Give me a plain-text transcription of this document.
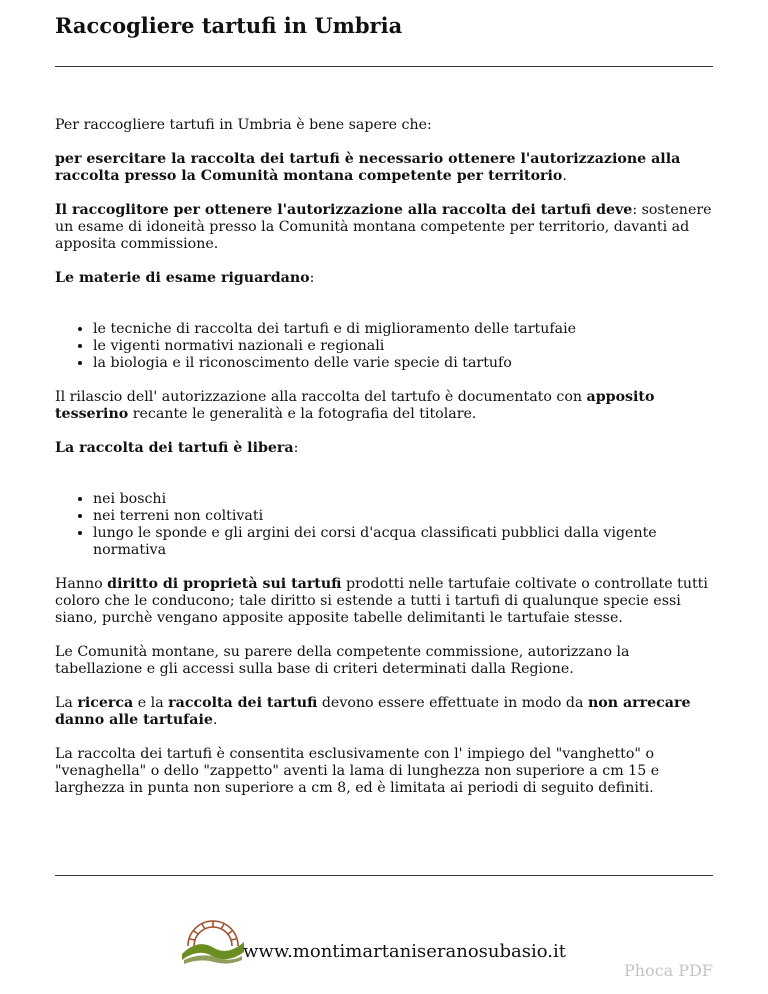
Raccogliere tartufi in Umbria

Per raccogliere tartufi in Umbria è bene sapere che:

per esercitare la raccolta dei tartufi è necessario ottenere l'autorizzazione alla raccolta presso la Comunità montana competente per territorio.

Il raccoglitore per ottenere l'autorizzazione alla raccolta dei tartufi deve: sostenere un esame di idoneità presso la Comunità montana competente per territorio, davanti ad apposita commissione.

Le materie di esame riguardano:

• le tecniche di raccolta dei tartufi e di miglioramento delle tartufaie
• le vigenti normativi nazionali e regionali
• la biologia e il riconoscimento delle varie specie di tartufo

Il rilascio dell' autorizzazione alla raccolta del tartufo è documentato con apposito tesserino recante le generalità e la fotografia del titolare.

La raccolta dei tartufi è libera:

• nei boschi
• nei terreni non coltivati
• lungo le sponde e gli argini dei corsi d'acqua classificati pubblici dalla vigente normativa

Hanno diritto di proprietà sui tartufi prodotti nelle tartufaie coltivate o controllate tutti coloro che le conducono; tale diritto si estende a tutti i tartufi di qualunque specie essi siano, purchè vengano apposite apposite tabelle delimitanti le tartufaie stesse.

Le Comunità montane, su parere della competente commissione, autorizzano la tabellazione e gli accessi sulla base di criteri determinati dalla Regione.

La ricerca e la raccolta dei tartufi devono essere effettuate in modo da non arrecare danno alle tartufaie.

La raccolta dei tartufi è consentita esclusivamente con l' impiego del "vanghetto" o "venaghella" o dello "zappetto" aventi la lama di lunghezza non superiore a cm 15 e larghezza in punta non superiore a cm 8, ed è limitata ai periodi di seguito definiti.

www.montimartaniseranosubasio.it
Phoca PDF
